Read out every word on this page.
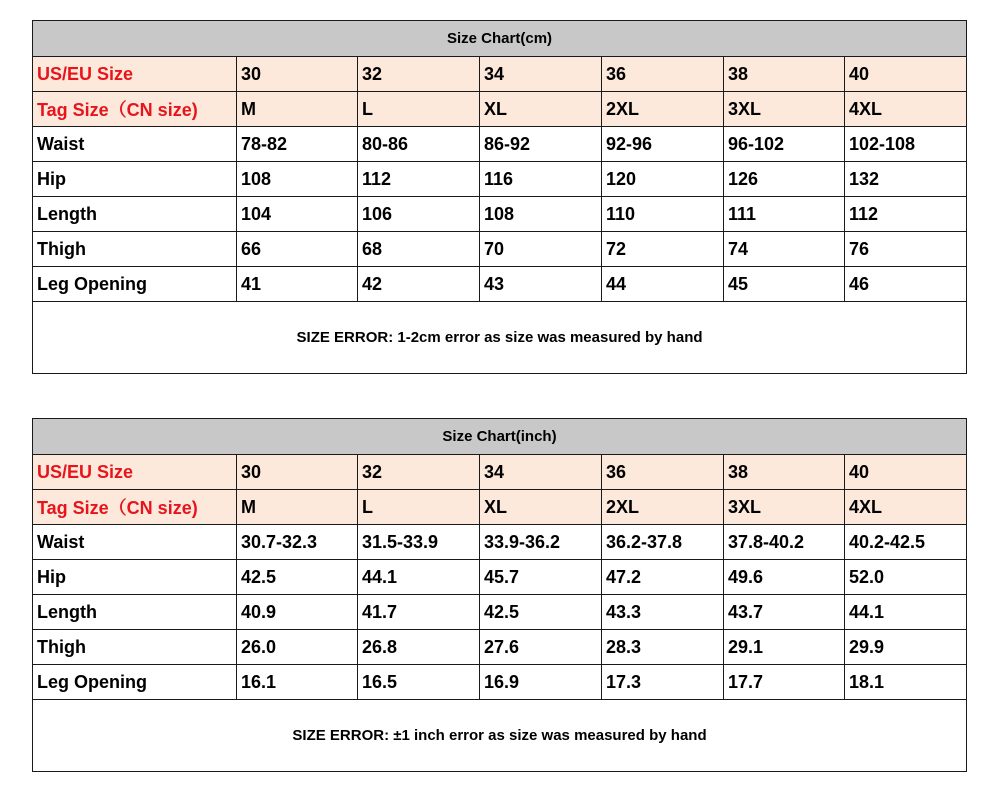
Size Chart(cm)						
US/EU Size	30	32	34	36	38	40
Tag Size（CN size)	M	L	XL	2XL	3XL	4XL
Waist	78-82	80-86	86-92	92-96	96-102	102-108
Hip	108	112	116	120	126	132
Length	104	106	108	110	111	112
Thigh	66	68	70	72	74	76
Leg Opening	41	42	43	44	45	46
SIZE ERROR: 1-2cm error as size was measured by hand						
Size Chart(inch)						
US/EU Size	30	32	34	36	38	40
Tag Size（CN size)	M	L	XL	2XL	3XL	4XL
Waist	30.7-32.3	31.5-33.9	33.9-36.2	36.2-37.8	37.8-40.2	40.2-42.5
Hip	42.5	44.1	45.7	47.2	49.6	52.0
Length	40.9	41.7	42.5	43.3	43.7	44.1
Thigh	26.0	26.8	27.6	28.3	29.1	29.9
Leg Opening	16.1	16.5	16.9	17.3	17.7	18.1
SIZE ERROR: ±1 inch error as size was measured by hand						
